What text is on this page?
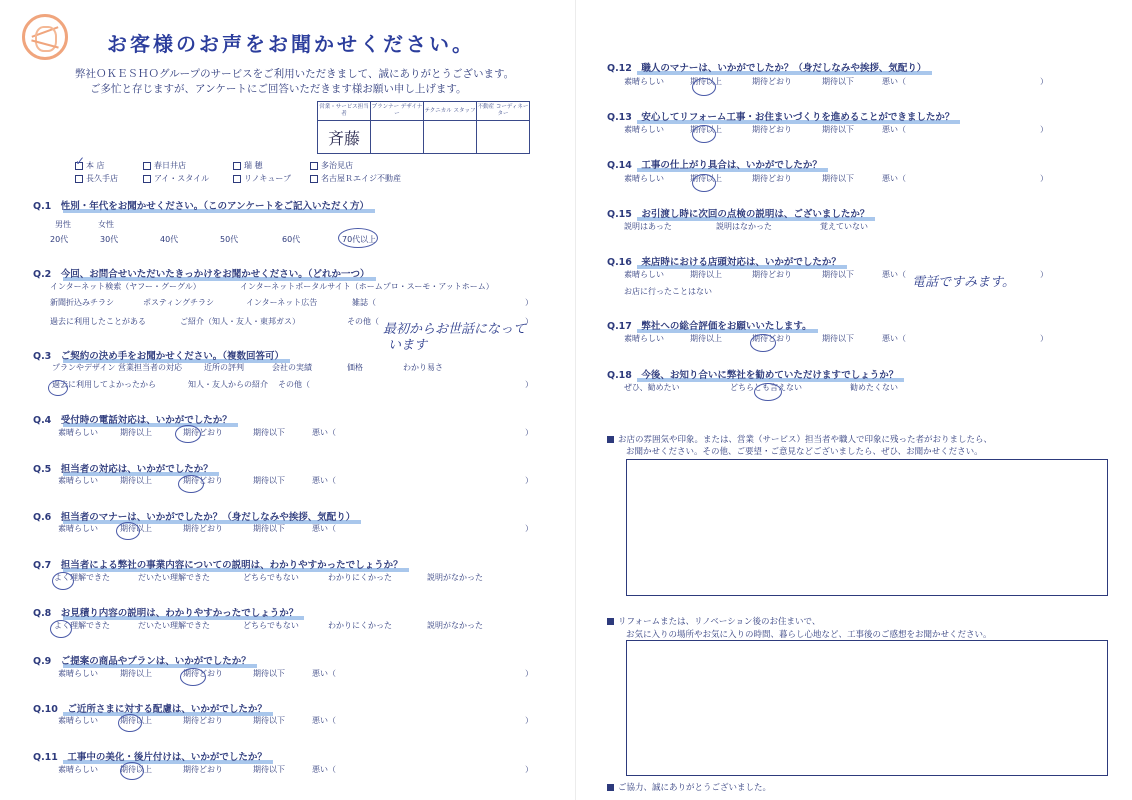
お客様のお声をお聞かせください。
弊社ＯＫＥＳＨＯグループのサービスをご利用いただきまして、誠にありがとうございます。
ご多忙と存じますが、アンケートにご回答いただきます様お願い申し上げます。
営業・サービス担当者	プランナー デザイナー	テクニカル スタッフ	不動産 コーディネーター
斉藤			
本 店	春日井店	瑞 穂	多治見店
長久手店	アイ・スタイル	リノキューブ	名古屋Ｒエイジ不動産
✓
Q.1　性別・年代をお聞かせください。（このアンケートをご記入いただく方）
男性	女性
20代	30代	40代	50代	60代	70代以上
Q.2　今回、お問合せいただいたきっかけをお聞かせください。（どれか一つ）
インターネット検索（ヤフー・グーグル）	インターネットポータルサイト（ホームプロ・スーモ・アットホーム）
新聞折込みチラシ	ポスティングチラシ	インターネット広告	雑誌（	）
過去に利用したことがある	ご紹介（知人・友人・東邦ガス）	その他（	）
Q.3　ご契約の決め手をお聞かせください。（複数回答可）
プランやデザイン 営業担当者の対応	近所の評判	会社の実績	価格	わかり易さ
過去に利用してよかったから	知人・友人からの紹介 その他（	）
Q.4　受付時の電話対応は、いかがでしたか？
素晴らしい	期待以上	期待どおり	期待以下	悪い（	）
Q.5　担当者の対応は、いかがでしたか？
素晴らしい	期待以上	期待どおり	期待以下	悪い（	）
Q.6　担当者のマナーは、いかがでしたか？（身だしなみや挨拶、気配り）
素晴らしい	期待以上	期待どおり	期待以下	悪い（	）
Q.7　担当者による弊社の事業内容についての説明は、わかりやすかったでしょうか？
よく理解できた	だいたい理解できた	どちらでもない	わかりにくかった	説明がなかった
Q.8　お見積り内容の説明は、わかりやすかったでしょうか？
よく理解できた	だいたい理解できた	どちらでもない	わかりにくかった	説明がなかった
Q.9　ご提案の商品やプランは、いかがでしたか？
素晴らしい	期待以上	期待どおり	期待以下	悪い（	）
Q.10　ご近所さまに対する配慮は、いかがでしたか？
素晴らしい	期待以上	期待どおり	期待以下	悪い（	）
Q.11　工事中の美化・後片付けは、いかがでしたか？
素晴らしい	期待以上	期待どおり	期待以下	悪い（	）
Q.12　職人のマナーは、いかがでしたか？（身だしなみや挨拶、気配り）
素晴らしい	期待以上	期待どおり	期待以下	悪い（	）
Q.13　安心してリフォーム工事・お住まいづくりを進めることができましたか？
素晴らしい	期待以上	期待どおり	期待以下	悪い（	）
Q.14　工事の仕上がり具合は、いかがでしたか？
素晴らしい	期待以上	期待どおり	期待以下	悪い（	）
Q.15　お引渡し時に次回の点検の説明は、ございましたか？
説明はあった	説明はなかった	覚えていない
Q.16　来店時における店頭対応は、いかがでしたか？
素晴らしい	期待以上	期待どおり	期待以下	悪い（	）
お店に行ったことはない
Q.17　弊社への総合評価をお願いいたします。
素晴らしい	期待以上	期待どおり	期待以下	悪い（	）
Q.18　今後、お知り合いに弊社を勧めていただけますでしょうか？
ぜひ、勧めたい	どちらとも言えない	勧めたくない
最初からお世話になって
います
電話ですみます。
お店の雰囲気や印象。または、営業（サービス）担当者や職人で印象に残った者がおりましたら、
お聞かせください。その他、ご要望・ご意見などございましたら、ぜひ、お聞かせください。
リフォームまたは、リノベーション後のお住まいで、
お気に入りの場所やお気に入りの時間、暮らし心地など、工事後のご感想をお聞かせください。
ご協力、誠にありがとうございました。
